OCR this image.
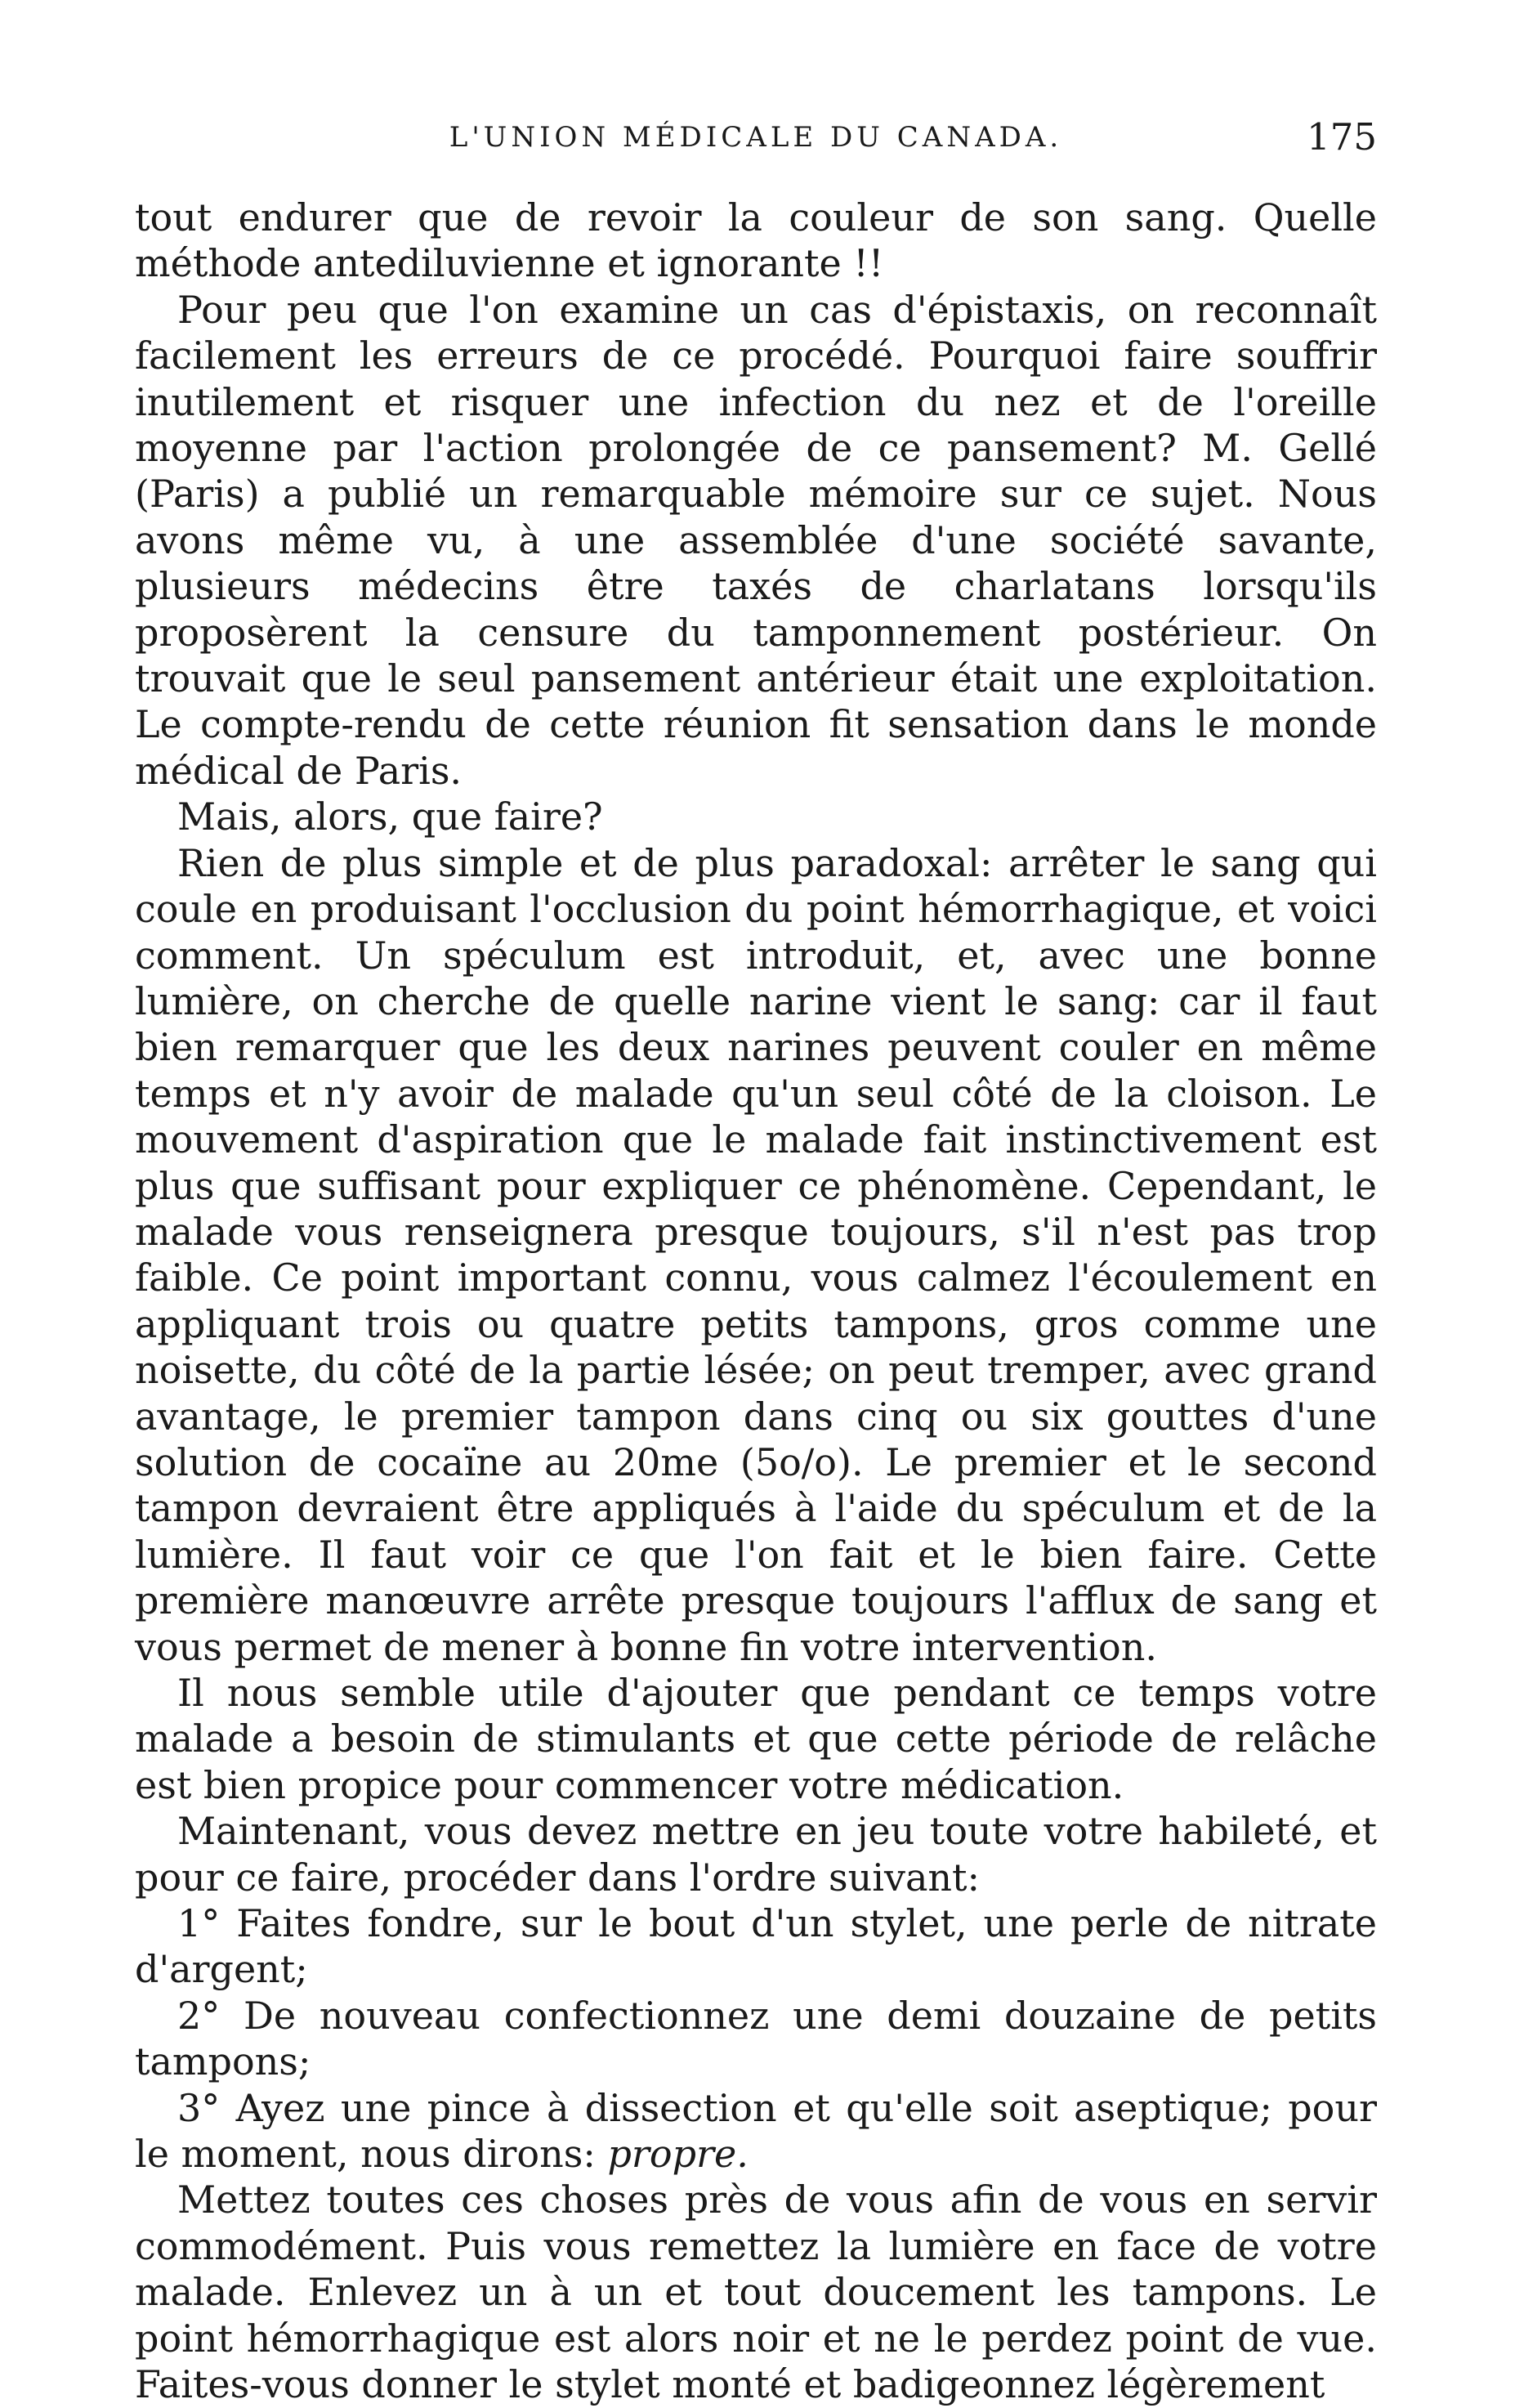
L'UNION MÉDICALE DU CANADA.	175

tout endurer que de revoir la couleur de son sang. Quelle méthode antediluvienne et ignorante !!

Pour peu que l'on examine un cas d'épistaxis, on reconnaît facilement les erreurs de ce procédé. Pourquoi faire souffrir inutilement et risquer une infection du nez et de l'oreille moyenne par l'action prolongée de ce pansement? M. Gellé (Paris) a publié un remarquable mémoire sur ce sujet. Nous avons même vu, à une assemblée d'une société savante, plusieurs médecins être taxés de charlatans lorsqu'ils proposèrent la censure du tamponnement postérieur. On trouvait que le seul pansement antérieur était une exploitation. Le compte-rendu de cette réunion fit sensation dans le monde médical de Paris.

Mais, alors, que faire?

Rien de plus simple et de plus paradoxal: arrêter le sang qui coule en produisant l'occlusion du point hémorrhagique, et voici comment. Un spéculum est introduit, et, avec une bonne lumière, on cherche de quelle narine vient le sang: car il faut bien remarquer que les deux narines peuvent couler en même temps et n'y avoir de malade qu'un seul côté de la cloison. Le mouvement d'aspiration que le malade fait instinctivement est plus que suffisant pour expliquer ce phénomène. Cependant, le malade vous renseignera presque toujours, s'il n'est pas trop faible. Ce point important connu, vous calmez l'écoulement en appliquant trois ou quatre petits tampons, gros comme une noisette, du côté de la partie lésée; on peut tremper, avec grand avantage, le premier tampon dans cinq ou six gouttes d'une solution de cocaïne au 20me (5o/o). Le premier et le second tampon devraient être appliqués à l'aide du spéculum et de la lumière. Il faut voir ce que l'on fait et le bien faire. Cette première manœuvre arrête presque toujours l'afflux de sang et vous permet de mener à bonne fin votre intervention.

Il nous semble utile d'ajouter que pendant ce temps votre malade a besoin de stimulants et que cette période de relâche est bien propice pour commencer votre médication.

Maintenant, vous devez mettre en jeu toute votre habileté, et pour ce faire, procéder dans l'ordre suivant:

1° Faites fondre, sur le bout d'un stylet, une perle de nitrate d'argent;

2° De nouveau confectionnez une demi douzaine de petits tampons;

3° Ayez une pince à dissection et qu'elle soit aseptique; pour le moment, nous dirons: propre.

Mettez toutes ces choses près de vous afin de vous en servir commodément. Puis vous remettez la lumière en face de votre malade. Enlevez un à un et tout doucement les tampons. Le point hémorrhagique est alors noir et ne le perdez point de vue. Faites-vous donner le stylet monté et badigeonnez légèrement
